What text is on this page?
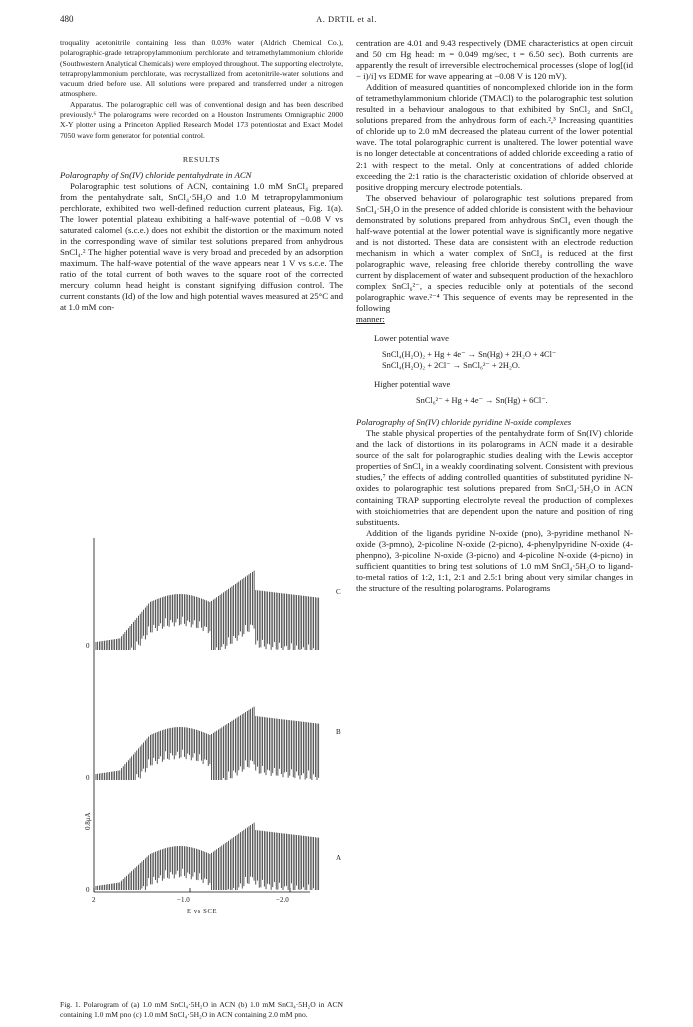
480	A. DRTIL et al.

troquality acetonitrile containing less than 0.03% water (Aldrich Chemical Co.), polarographic-grade tetrapropylammonium perchlorate and tetramethylammonium chloride (Southwestern Analytical Chemicals) were employed throughout. The supporting electrolyte, tetrapropylammonium perchlorate, was recrystallized from acetonitrile-water solutions and vacuum dried before use. All solutions were prepared and transferred under a nitrogen atmosphere.

Apparatus. The polarographic cell was of conventional design and has been described previously.⁶ The polarograms were recorded on a Houston Instruments Omnigraphic 2000 X-Y plotter using a Princeton Applied Research Model 173 potentiostat and Exact Model 7050 wave form generator for potential control.

RESULTS

Polarography of Sn(IV) chloride pentahydrate in ACN

Polarographic test solutions of ACN, containing 1.0 mM SnCl₄ prepared from the pentahydrate salt, SnCl₄·5H₂O and 1.0 M tetrapropylammonium perchlorate, exhibited two well-defined reduction current plateaus, Fig. 1(a). The lower potential plateau exhibiting a half-wave potential of −0.08 V vs saturated calomel (s.c.e.) does not exhibit the distortion or the maximum noted in the corresponding wave of similar test solutions prepared from anhydrous SnCl₄.² The higher potential wave is very broad and preceded by an adsorption maximum. The half-wave potential of the wave appears near 1 V vs s.c.e. The ratio of the total current of both waves to the square root of the corrected mercury column head height is constant signifying diffusion control. The current constants (Id) of the low and high potential waves measured at 25°C and at 1.0 mM con-

C
B
A
0
0
0
0.8μA
2	−1.0	−2.0
E vs SCE

Fig. 1. Polarogram of (a) 1.0 mM SnCl₄·5H₂O in ACN (b) 1.0 mM SnCl₄·5H₂O in ACN containing 1.0 mM pno (c) 1.0 mM SnCl₄·5H₂O in ACN containing 2.0 mM pno.

centration are 4.01 and 9.43 respectively (DME characteristics at open circuit and 50 cm Hg head: m = 0.049 mg/sec, t = 6.50 sec). Both currents are apparently the result of irreversible electrochemical processes (slope of log[(id − i)/i] vs EDME for wave appearing at −0.08 V is 120 mV).

Addition of measured quantities of noncomplexed chloride ion in the form of tetramethylammonium chloride (TMACl) to the polarographic test solution resulted in a behaviour analogous to that exhibited by SnCl₂ and SnCl₄ solutions prepared from the anhydrous form of each.²,³ Increasing quantities of chloride up to 2.0 mM decreased the plateau current of the lower potential wave. The total polarographic current is unaltered. The lower potential wave is no longer detectable at concentrations of added chloride exceeding a ratio of 2:1 with respect to the metal. Only at concentrations of added chloride exceeding the 2:1 ratio is the characteristic oxidation of chloride observed at positive dropping mercury electrode potentials.

The observed behaviour of polarographic test solutions prepared from SnCl₄·5H₂O in the presence of added chloride is consistent with the behaviour demonstrated by solutions prepared from anhydrous SnCl₄ even though the half-wave potential at the lower potential wave is significantly more negative and is not distorted. These data are consistent with an electrode reduction mechanism in which a water complex of SnCl₄ is reduced at the first polarographic wave, releasing free chloride thereby controlling the wave current by displacement of water and subsequent production of the hexachloro complex SnCl₆²⁻, a species reducible only at potentials of the second polarographic wave.²⁻⁴ This sequence of events may be represented in the following

manner:

Lower potential wave
SnCl₄(H₂O)₂ + Hg + 4e⁻ → Sn(Hg) + 2H₂O + 4Cl⁻
SnCl₄(H₂O)₂ + 2Cl⁻ → SnCl₆²⁻ + 2H₂O.
Higher potential wave
SnCl₆²⁻ + Hg + 4e⁻ → Sn(Hg) + 6Cl⁻.

Polarography of Sn(IV) chloride pyridine N-oxide complexes

The stable physical properties of the pentahydrate form of Sn(IV) chloride and the lack of distortions in its polarograms in ACN made it a desirable source of the salt for polarographic studies dealing with the Lewis acceptor properties of SnCl₄ in a weakly coordinating solvent. Consistent with previous studies,⁷ the effects of adding controlled quantities of substituted pyridine N-oxides to polarographic test solutions prepared from SnCl₄·5H₂O in ACN containing TRAP supporting electrolyte reveal the production of complexes with stoichiometries that are dependent upon the nature and position of ring substituents.

Addition of the ligands pyridine N-oxide (pno), 3-pyridine methanol N-oxide (3-pmno), 2-picoline N-oxide (2-picno), 4-phenylpyridine N-oxide (4-phenpno), 3-picoline N-oxide (3-picno) and 4-picoline N-oxide (4-picno) in sufficient quantities to bring test solutions of 1.0 mM SnCl₄·5H₂O to ligand-to-metal ratios of 1:2, 1:1, 2:1 and 2.5:1 bring about very similar changes in the structure of the resulting polarograms. Polarograms
